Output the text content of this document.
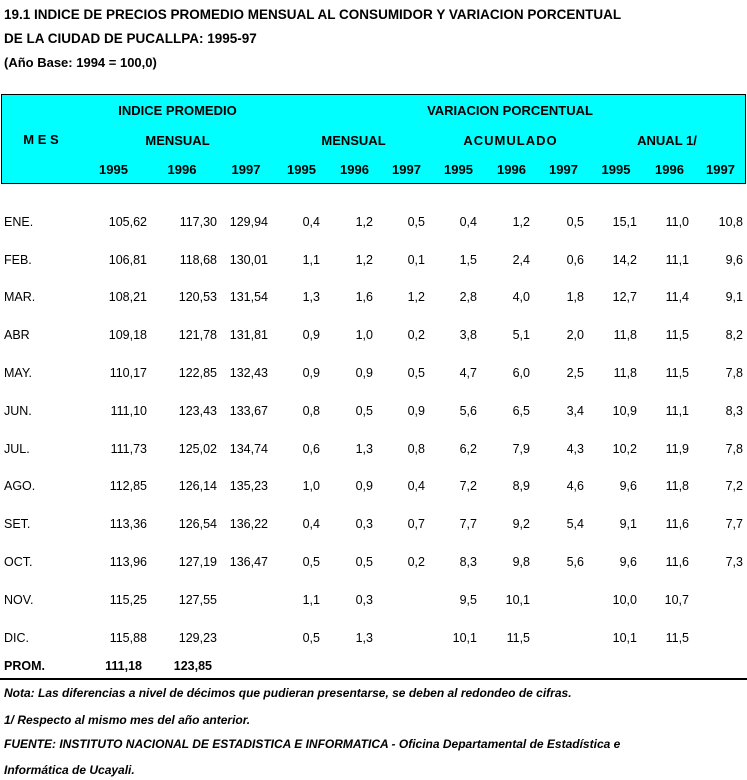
19.1 INDICE DE PRECIOS PROMEDIO MENSUAL AL CONSUMIDOR Y VARIACION PORCENTUAL
DE LA CIUDAD DE PUCALLPA: 1995-97
(Año Base: 1994 = 100,0)
M E S
INDICE PROMEDIO
MENSUAL
VARIACION PORCENTUAL
MENSUAL	ACUMULADO	ANUAL 1/
1995	1996	1997	1995	1996	1997	1995	1996	1997	1995	1996	1997
ENE.	105,62	117,30	129,94	0,4	1,2	0,5	0,4	1,2	0,5	15,1	11,0	10,8
FEB.	106,81	118,68	130,01	1,1	1,2	0,1	1,5	2,4	0,6	14,2	11,1	9,6
MAR.	108,21	120,53	131,54	1,3	1,6	1,2	2,8	4,0	1,8	12,7	11,4	9,1
ABR	109,18	121,78	131,81	0,9	1,0	0,2	3,8	5,1	2,0	11,8	11,5	8,2
MAY.	110,17	122,85	132,43	0,9	0,9	0,5	4,7	6,0	2,5	11,8	11,5	7,8
JUN.	111,10	123,43	133,67	0,8	0,5	0,9	5,6	6,5	3,4	10,9	11,1	8,3
JUL.	111,73	125,02	134,74	0,6	1,3	0,8	6,2	7,9	4,3	10,2	11,9	7,8
AGO.	112,85	126,14	135,23	1,0	0,9	0,4	7,2	8,9	4,6	9,6	11,8	7,2
SET.	113,36	126,54	136,22	0,4	0,3	0,7	7,7	9,2	5,4	9,1	11,6	7,7
OCT.	113,96	127,19	136,47	0,5	0,5	0,2	8,3	9,8	5,6	9,6	11,6	7,3
NOV.	115,25	127,55		1,1	0,3		9,5	10,1		10,0	10,7	
DIC.	115,88	129,23		0,5	1,3		10,1	11,5		10,1	11,5	
PROM.	111,18	123,85
Nota: Las diferencias a nivel de décimos que pudieran presentarse, se deben al redondeo de cifras.
1/ Respecto al mismo mes del año anterior.
FUENTE: INSTITUTO NACIONAL DE ESTADISTICA E INFORMATICA - Oficina Departamental de Estadística e
Informática de Ucayali.
